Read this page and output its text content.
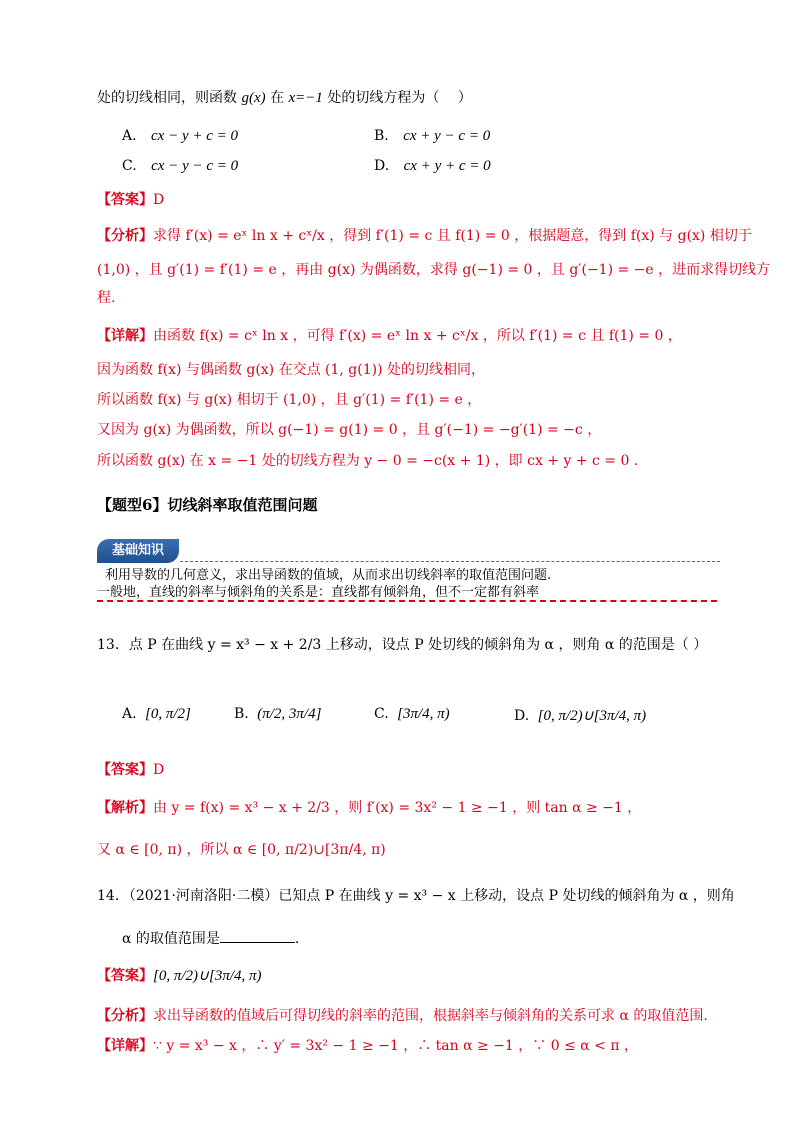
处的切线相同，则函数 g(x) 在 x=−1 处的切线方程为（　 ）
A. cx − y + c = 0	B. cx + y − c = 0
C. cx − y − c = 0	D. cx + y + c = 0
【答案】D
【分析】求得 f′(x) = eˣ ln x + cˣ/x ，得到 f′(1) = c 且 f(1) = 0 ，根据题意，得到 f(x) 与 g(x) 相切于
(1,0) ，且 g′(1) = f′(1) = e ，再由 g(x) 为偶函数，求得 g(−1) = 0 ，且 g′(−1) = −e ，进而求得切线方
程.
【详解】由函数 f(x) = cˣ ln x ，可得 f′(x) = eˣ ln x + cˣ/x ，所以 f′(1) = c 且 f(1) = 0 ，
因为函数 f(x) 与偶函数 g(x) 在交点 (1, g(1)) 处的切线相同，
所以函数 f(x) 与 g(x) 相切于 (1,0) ，且 g′(1) = f′(1) = e ，
又因为 g(x) 为偶函数，所以 g(−1) = g(1) = 0 ，且 g′(−1) = −g′(1) = −c ，
所以函数 g(x) 在 x = −1 处的切线方程为 y − 0 = −c(x + 1) ，即 cx + y + c = 0 .
【题型6】切线斜率取值范围问题
基础知识
利用导数的几何意义，求出导函数的值域，从而求出切线斜率的取值范围问题.
一般地，直线的斜率与倾斜角的关系是：直线都有倾斜角，但不一定都有斜率
13．点 P 在曲线 y = x³ − x + 2/3 上移动，设点 P 处切线的倾斜角为 α ，则角 α 的范围是（ ）
A. [0, π/2]	B. (π/2, 3π/4]	C. [3π/4, π)	D. [0, π/2)∪[3π/4, π)
【答案】D
【解析】由 y = f(x) = x³ − x + 2/3 ，则 f′(x) = 3x² − 1 ≥ −1 ，则 tan α ≥ −1 ，
又 α ∈ [0, π) ，所以 α ∈ [0, π/2)∪[3π/4, π)
14．（2021·河南洛阳·二模）已知点 P 在曲线 y = x³ − x 上移动，设点 P 处切线的倾斜角为 α ，则角
α 的取值范围是	.
【答案】[0, π/2)∪[3π/4, π)
【分析】求出导函数的值域后可得切线的斜率的范围，根据斜率与倾斜角的关系可求 α 的取值范围.
【详解】∵ y = x³ − x ，∴ y′ = 3x² − 1 ≥ −1 ，∴ tan α ≥ −1 ，∵ 0 ≤ α < π ，
